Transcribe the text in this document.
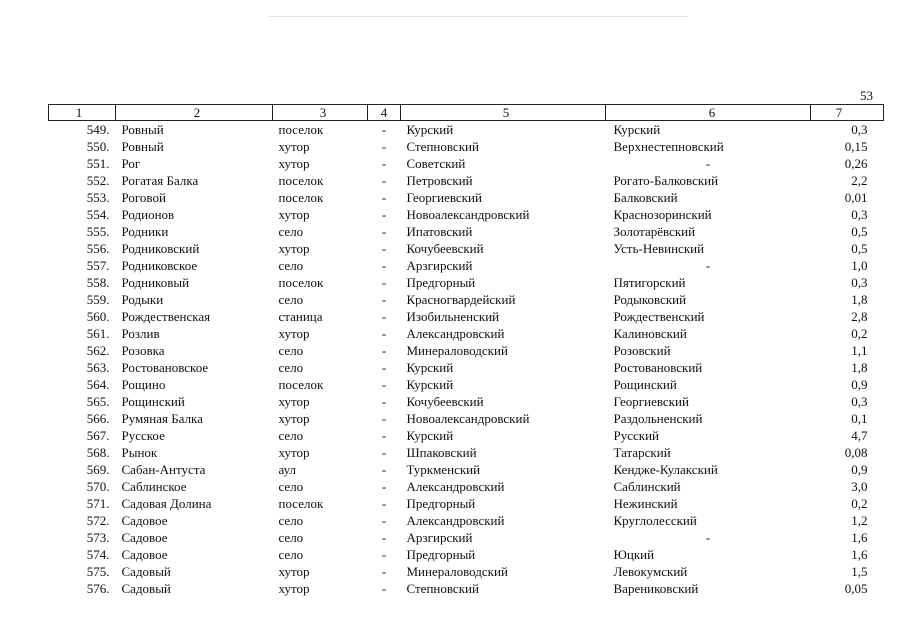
53
1	2	3	4	5	6	7
549.	Ровный	поселок	-	Курский	Курский	0,3
550.	Ровный	хутор	-	Степновский	Верхнестепновский	0,15
551.	Рог	хутор	-	Советский	-	0,26
552.	Рогатая Балка	поселок	-	Петровский	Рогато-Балковский	2,2
553.	Роговой	поселок	-	Георгиевский	Балковский	0,01
554.	Родионов	хутор	-	Новоалександровский	Краснозоринский	0,3
555.	Родники	село	-	Ипатовский	Золотарёвский	0,5
556.	Родниковский	хутор	-	Кочубеевский	Усть-Невинский	0,5
557.	Родниковское	село	-	Арзгирский	-	1,0
558.	Родниковый	поселок	-	Предгорный	Пятигорский	0,3
559.	Родыки	село	-	Красногвардейский	Родыковский	1,8
560.	Рождественская	станица	-	Изобильненский	Рождественский	2,8
561.	Розлив	хутор	-	Александровский	Калиновский	0,2
562.	Розовка	село	-	Минераловодский	Розовский	1,1
563.	Ростовановское	село	-	Курский	Ростовановский	1,8
564.	Рощино	поселок	-	Курский	Рощинский	0,9
565.	Рощинский	хутор	-	Кочубеевский	Георгиевский	0,3
566.	Румяная Балка	хутор	-	Новоалександровский	Раздольненский	0,1
567.	Русское	село	-	Курский	Русский	4,7
568.	Рынок	хутор	-	Шпаковский	Татарский	0,08
569.	Сабан-Антуста	аул	-	Туркменский	Кендже-Кулакский	0,9
570.	Саблинское	село	-	Александровский	Саблинский	3,0
571.	Садовая Долина	поселок	-	Предгорный	Нежинский	0,2
572.	Садовое	село	-	Александровский	Круглолесский	1,2
573.	Садовое	село	-	Арзгирский	-	1,6
574.	Садовое	село	-	Предгорный	Юцкий	1,6
575.	Садовый	хутор	-	Минераловодский	Левокумский	1,5
576.	Садовый	хутор	-	Степновский	Варениковский	0,05
